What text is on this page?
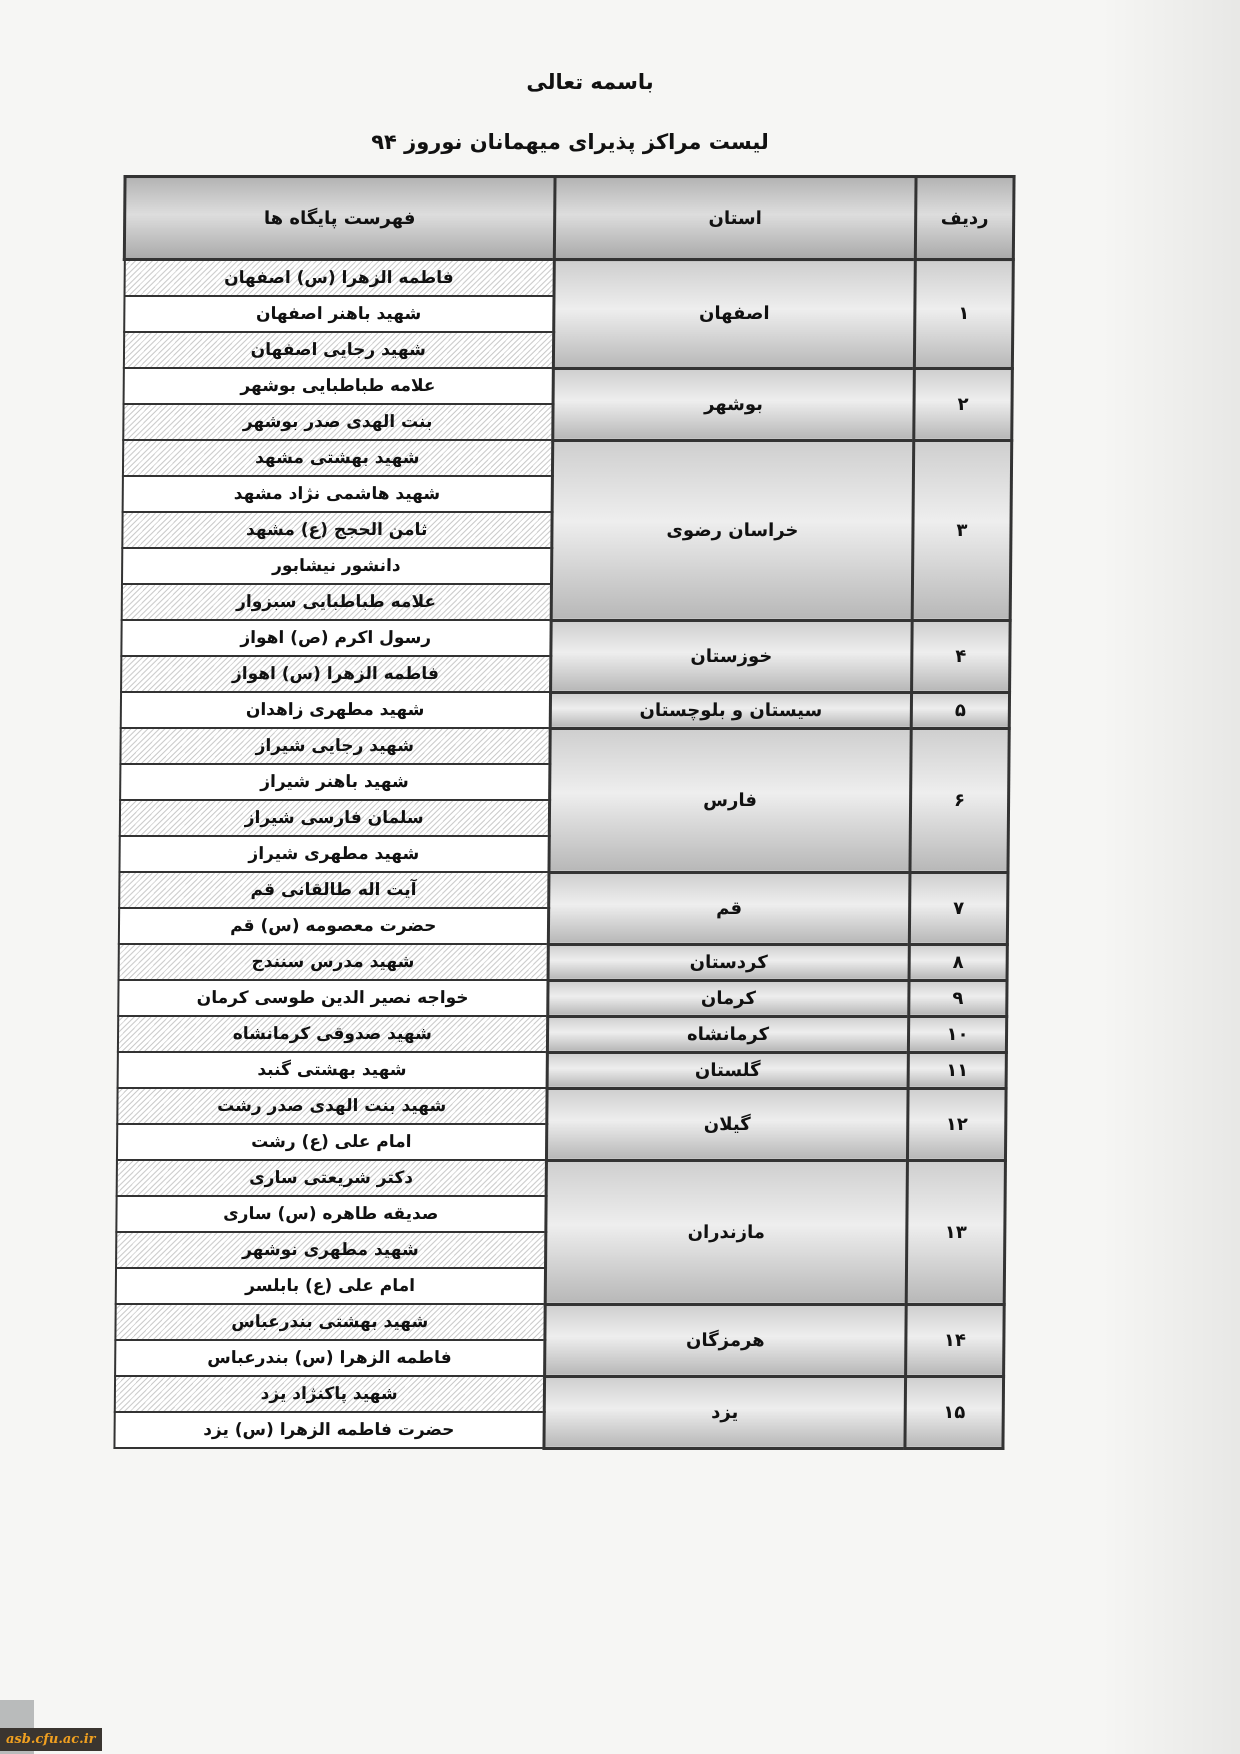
باسمه تعالی
لیست مراکز پذیرای میهمانان نوروز ۹۴
ردیف	استان	فهرست پایگاه ها
۱	اصفهان	فاطمه الزهرا (س) اصفهان
		شهید باهنر اصفهان
		شهید رجایی اصفهان
۲	بوشهر	علامه طباطبایی بوشهر
		بنت الهدی صدر بوشهر
۳	خراسان رضوی	شهید بهشتی مشهد
		شهید هاشمی نژاد مشهد
		ثامن الحجج (ع) مشهد
		دانشور نیشابور
		علامه طباطبایی سبزوار
۴	خوزستان	رسول اکرم (ص) اهواز
		فاطمه الزهرا (س) اهواز
۵	سیستان و بلوچستان	شهید مطهری زاهدان
۶	فارس	شهید رجایی شیراز
		شهید باهنر شیراز
		سلمان فارسی شیراز
		شهید مطهری شیراز
۷	قم	آیت اله طالقانی قم
		حضرت معصومه (س) قم
۸	کردستان	شهید مدرس سنندج
۹	کرمان	خواجه نصیر الدین طوسی کرمان
۱۰	کرمانشاه	شهید صدوقی کرمانشاه
۱۱	گلستان	شهید بهشتی گنبد
۱۲	گیلان	شهید بنت الهدی صدر رشت
		امام علی (ع) رشت
۱۳	مازندران	دکتر شریعتی ساری
		صدیقه طاهره (س) ساری
		شهید مطهری نوشهر
		امام علی (ع) بابلسر
۱۴	هرمزگان	شهید بهشتی بندرعباس
		فاطمه الزهرا (س) بندرعباس
۱۵	یزد	شهید پاکنژاد یزد
		حضرت فاطمه الزهرا (س) یزد
asb.cfu.ac.ir
